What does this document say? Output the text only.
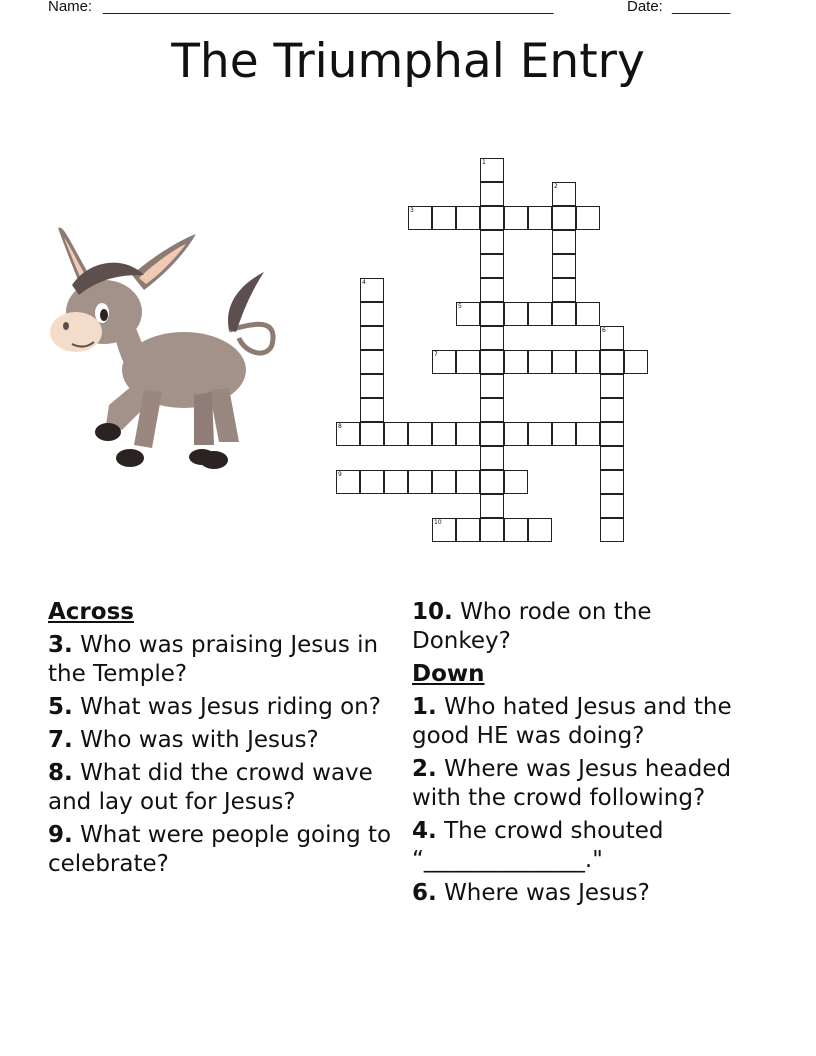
Name: ______________________________________________________	Date: _______
The Triumphal Entry
1
2
3
4
5
6
7
8
9
10
Across
3. Who was praising Jesus in the Temple?
5. What was Jesus riding on?
7. Who was with Jesus?
8. What did the crowd wave and lay out for Jesus?
9. What were people going to celebrate?
10. Who rode on the Donkey?
Down
1. Who hated Jesus and the good HE was doing?
2. Where was Jesus headed with the crowd following?
4. The crowd shouted “______________."
6. Where was Jesus?
